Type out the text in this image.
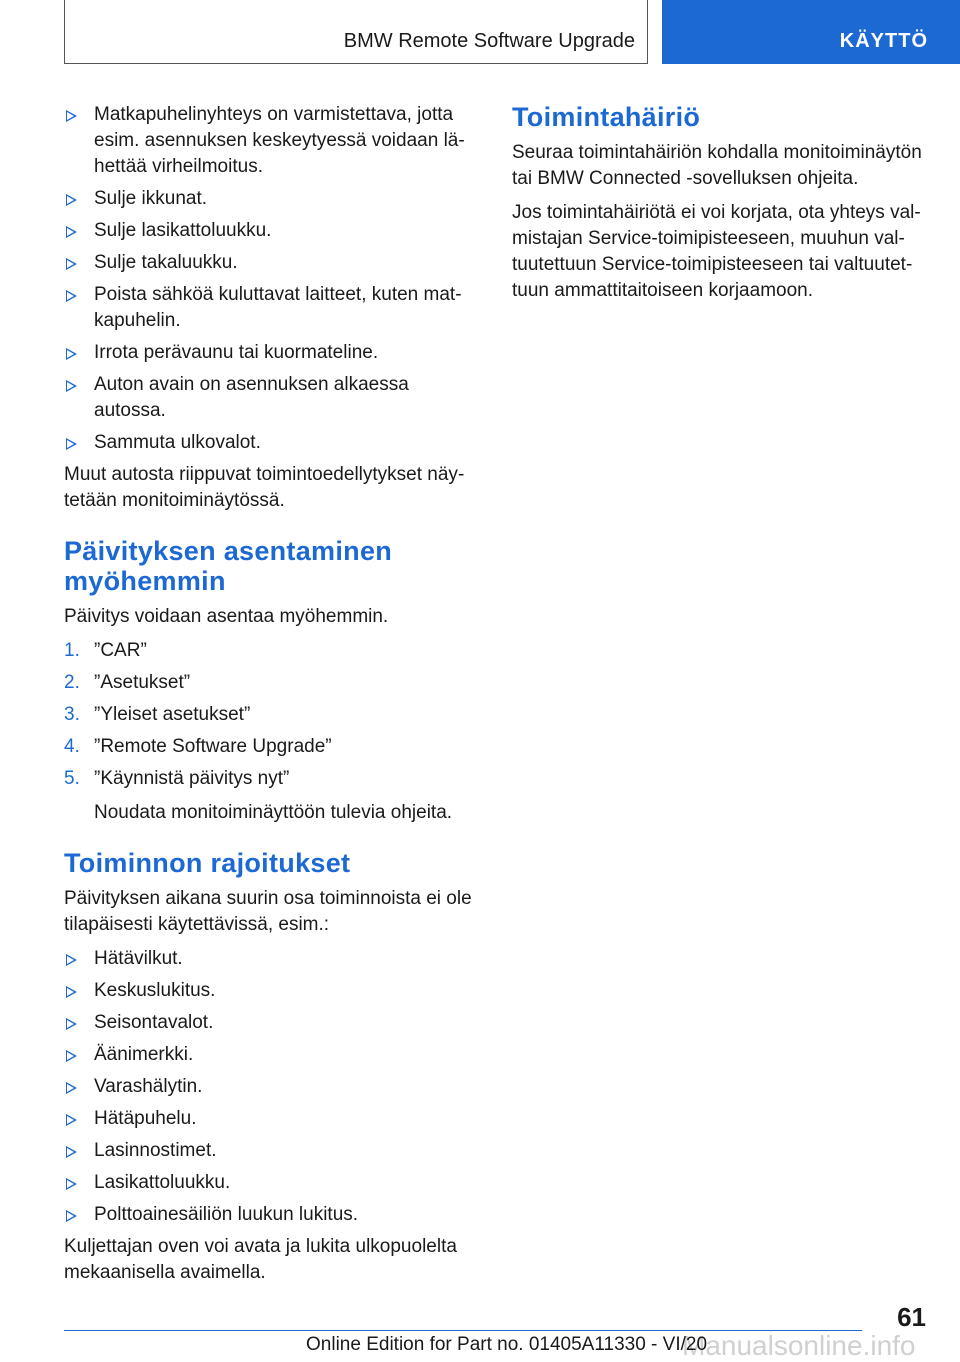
BMW Remote Software Upgrade	KÄYTTÖ
Matkapuhelinyhteys on varmistettava, jotta esim. asennuksen keskeytyessä voidaan lähettää virheilmoitus.
Sulje ikkunat.
Sulje lasikattoluukku.
Sulje takaluukku.
Poista sähköä kuluttavat laitteet, kuten matkapuhelin.
Irrota perävaunu tai kuormateline.
Auton avain on asennuksen alkaessa autossa.
Sammuta ulkovalot.

Muut autosta riippuvat toimintoedellytykset näytetään monitoiminäytössä.

Päivityksen asentaminen myöhemmin

Päivitys voidaan asentaa myöhemmin.

1. ”CAR”
2. ”Asetukset”
3. ”Yleiset asetukset”
4. ”Remote Software Upgrade”
5. ”Käynnistä päivitys nyt”

Noudata monitoiminäyttöön tulevia ohjeita.

Toiminnon rajoitukset

Päivityksen aikana suurin osa toiminnoista ei ole tilapäisesti käytettävissä, esim.:

Hätävilkut.
Keskuslukitus.
Seisontavalot.
Äänimerkki.
Varashälytin.
Hätäpuhelu.
Lasinnostimet.
Lasikattoluukku.
Polttoainesäiliön luukun lukitus.

Kuljettajan oven voi avata ja lukita ulkopuolelta mekaanisella avaimella.

Toimintahäiriö

Seuraa toimintahäiriön kohdalla monitoiminäytön tai BMW Connected -sovelluksen ohjeita.

Jos toimintahäiriötä ei voi korjata, ota yhteys valmistajan Service-toimipisteeseen, muuhun valtuutettuun Service-toimipisteeseen tai valtuutettuun ammattitaitoiseen korjaamoon.

61
Manualsonline.info
Online Edition for Part no. 01405A11330 - VI/20
